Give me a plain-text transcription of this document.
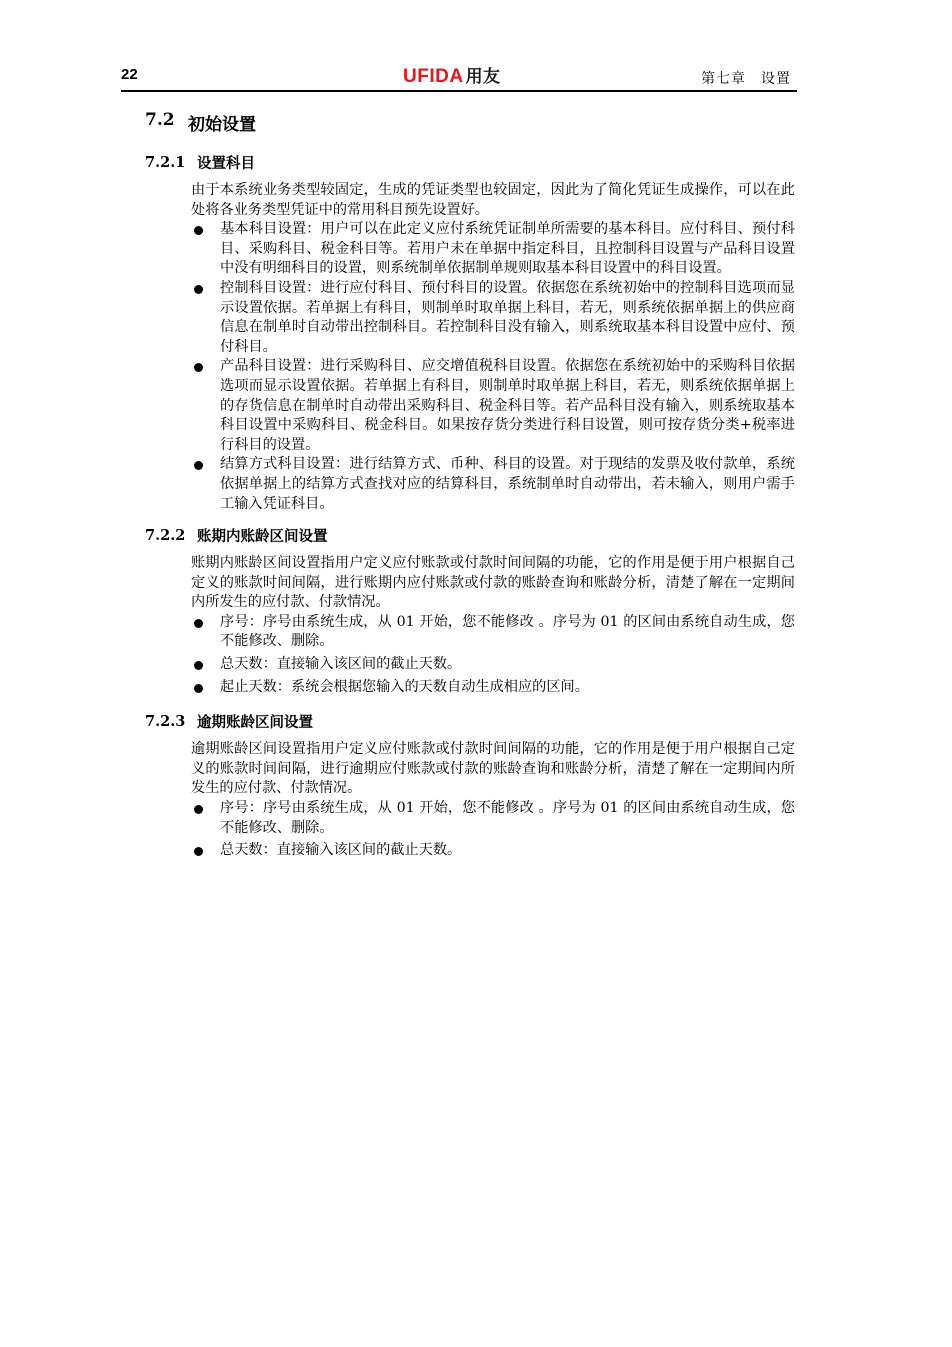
22	UFIDA 用友	第七章　设置
7.2 初始设置
7.2.1 设置科目

由于本系统业务类型较固定，生成的凭证类型也较固定，因此为了简化凭证生成操作，可以在此处将各业务类型凭证中的常用科目预先设置好。

基本科目设置：用户可以在此定义应付系统凭证制单所需要的基本科目。应付科目、预付科目、采购科目、税金科目等。若用户未在单据中指定科目，且控制科目设置与产品科目设置中没有明细科目的设置，则系统制单依据制单规则取基本科目设置中的科目设置。
控制科目设置：进行应付科目、预付科目的设置。依据您在系统初始中的控制科目选项而显示设置依据。若单据上有科目，则制单时取单据上科目，若无，则系统依据单据上的供应商信息在制单时自动带出控制科目。若控制科目没有输入，则系统取基本科目设置中应付、预付科目。
产品科目设置：进行采购科目、应交增值税科目设置。依据您在系统初始中的采购科目依据选项而显示设置依据。若单据上有科目，则制单时取单据上科目，若无，则系统依据单据上的存货信息在制单时自动带出采购科目、税金科目等。若产品科目没有输入，则系统取基本科目设置中采购科目、税金科目。如果按存货分类进行科目设置，则可按存货分类+税率进行科目的设置。
结算方式科目设置：进行结算方式、币种、科目的设置。对于现结的发票及收付款单，系统依据单据上的结算方式查找对应的结算科目，系统制单时自动带出，若未输入，则用户需手工输入凭证科目。
7.2.2 账期内账龄区间设置

账期内账龄区间设置指用户定义应付账款或付款时间间隔的功能，它的作用是便于用户根据自己定义的账款时间间隔，进行账期内应付账款或付款的账龄查询和账龄分析，清楚了解在一定期间内所发生的应付款、付款情况。

序号：序号由系统生成，从 01 开始，您不能修改 。序号为 01 的区间由系统自动生成，您不能修改、删除。
总天数：直接输入该区间的截止天数。
起止天数：系统会根据您输入的天数自动生成相应的区间。
7.2.3 逾期账龄区间设置

逾期账龄区间设置指用户定义应付账款或付款时间间隔的功能，它的作用是便于用户根据自己定义的账款时间间隔，进行逾期应付账款或付款的账龄查询和账龄分析，清楚了解在一定期间内所发生的应付款、付款情况。

序号：序号由系统生成，从 01 开始，您不能修改 。序号为 01 的区间由系统自动生成，您不能修改、删除。
总天数：直接输入该区间的截止天数。
